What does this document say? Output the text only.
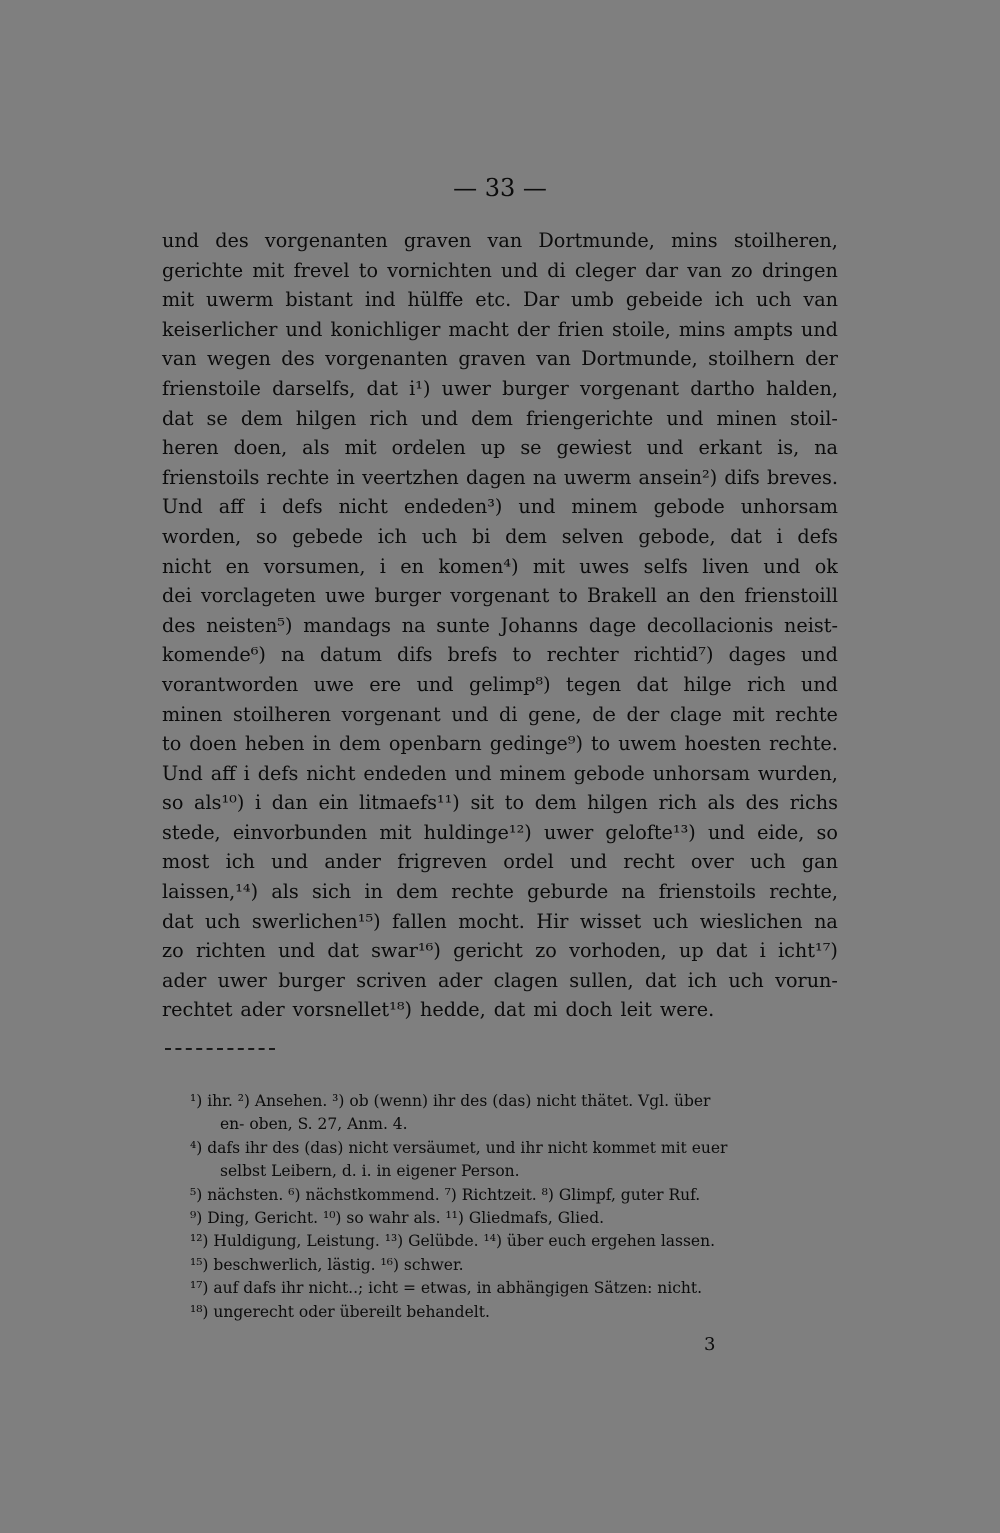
— 33 —
und des vorgenanten graven van Dortmunde, mins stoilheren,
gerichte mit frevel to vornichten und di cleger dar van zo dringen
mit uwerm bistant ind hülffe etc. Dar umb gebeide ich uch van
keiserlicher und konichliger macht der frien stoile, mins ampts und
van wegen des vorgenanten graven van Dortmunde, stoilhern der
frienstoile darselfs, dat i¹) uwer burger vorgenant dartho halden,
dat se dem hilgen rich und dem friengerichte und minen stoil-
heren doen, als mit ordelen up se gewiest und erkant is, na
frienstoils rechte in veertzhen dagen na uwerm ansein²) difs breves.
Und aff i defs nicht endeden³) und minem gebode unhorsam
worden, so gebede ich uch bi dem selven gebode, dat i defs
nicht en vorsumen, i en komen⁴) mit uwes selfs liven und ok
dei vorclageten uwe burger vorgenant to Brakell an den frienstoill
des neisten⁵) mandags na sunte Johanns dage decollacionis neist-
komende⁶) na datum difs brefs to rechter richtid⁷) dages und
vorantworden uwe ere und gelimp⁸) tegen dat hilge rich und
minen stoilheren vorgenant und di gene, de der clage mit rechte
to doen heben in dem openbarn gedinge⁹) to uwem hoesten rechte.
Und aff i defs nicht endeden und minem gebode unhorsam wurden,
so als¹⁰) i dan ein litmaefs¹¹) sit to dem hilgen rich als des richs
stede, einvorbunden mit huldinge¹²) uwer gelofte¹³) und eide, so
most ich und ander frigreven ordel und recht over uch gan
laissen,¹⁴) als sich in dem rechte geburde na frienstoils rechte,
dat uch swerlichen¹⁵) fallen mocht. Hir wisset uch wieslichen na
zo richten und dat swar¹⁶) gericht zo vorhoden, up dat i icht¹⁷)
ader uwer burger scriven ader clagen sullen, dat ich uch vorun-
rechtet ader vorsnellet¹⁸) hedde, dat mi doch leit were.
¹) ihr. ²) Ansehen. ³) ob (wenn) ihr des (das) nicht thätet. Vgl. über
en- oben, S. 27, Anm. 4.
⁴) dafs ihr des (das) nicht versäumet, und ihr nicht kommet mit euer
selbst Leibern, d. i. in eigener Person.
⁵) nächsten. ⁶) nächstkommend. ⁷) Richtzeit. ⁸) Glimpf, guter Ruf.
⁹) Ding, Gericht. ¹⁰) so wahr als. ¹¹) Gliedmafs, Glied.
¹²) Huldigung, Leistung. ¹³) Gelübde. ¹⁴) über euch ergehen lassen.
¹⁵) beschwerlich, lästig. ¹⁶) schwer.
¹⁷) auf dafs ihr nicht..; icht = etwas, in abhängigen Sätzen: nicht.
¹⁸) ungerecht oder übereilt behandelt.
3
